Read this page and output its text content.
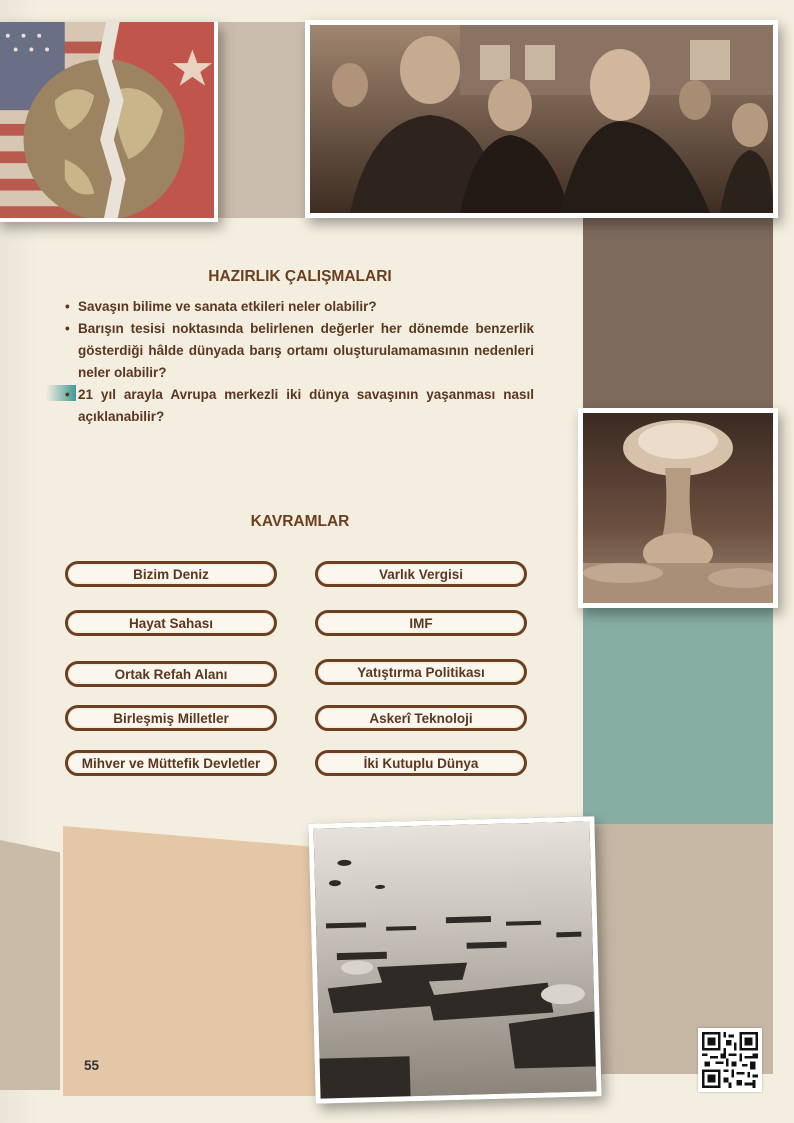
HAZIRLIK ÇALIŞMALARI
• Savaşın bilime ve sanata etkileri neler olabilir?
• Barışın tesisi noktasında belirlenen değerler her dönemde benzerlik gösterdiği hâlde dünyada barış ortamı oluşturulamamasının nedenleri neler olabilir?
• 21 yıl arayla Avrupa merkezli iki dünya savaşının yaşanması nasıl açıklanabilir?
KAVRAMLAR
Bizim Deniz
Hayat Sahası
Ortak Refah Alanı
Birleşmiş Milletler
Mihver ve Müttefik Devletler
Varlık Vergisi
IMF
Yatıştırma Politikası
Askerî Teknoloji
İki Kutuplu Dünya
55
